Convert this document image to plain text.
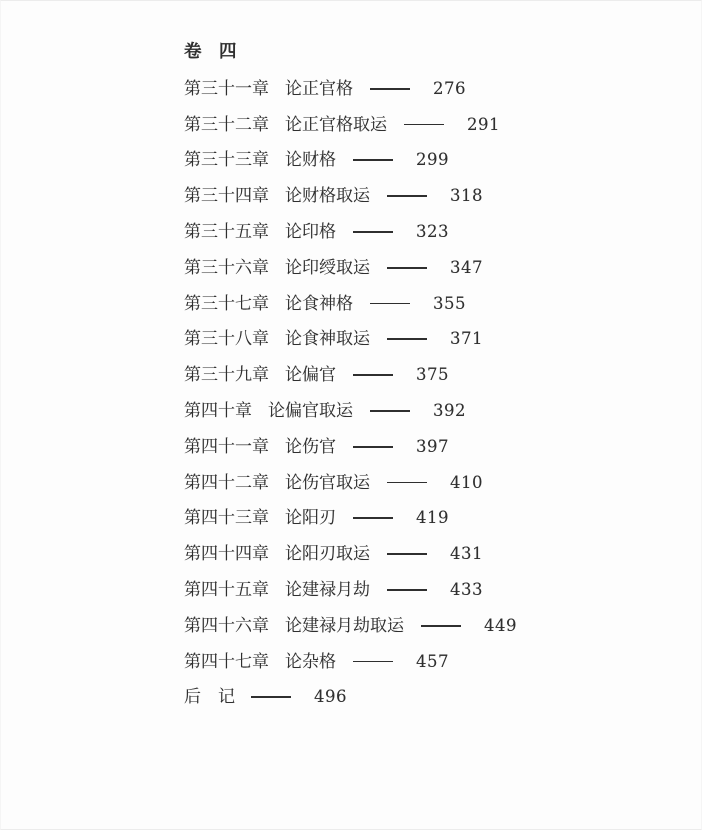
卷　四
第三十一章 论正官格	276
第三十二章 论正官格取运	291
第三十三章 论财格	299
第三十四章 论财格取运	318
第三十五章 论印格	323
第三十六章 论印绶取运	347
第三十七章 论食神格	355
第三十八章 论食神取运	371
第三十九章 论偏官	375
第四十章 论偏官取运	392
第四十一章 论伤官	397
第四十二章 论伤官取运	410
第四十三章 论阳刃	419
第四十四章 论阳刃取运	431
第四十五章 论建禄月劫	433
第四十六章 论建禄月劫取运	449
第四十七章 论杂格	457
后　记	496
